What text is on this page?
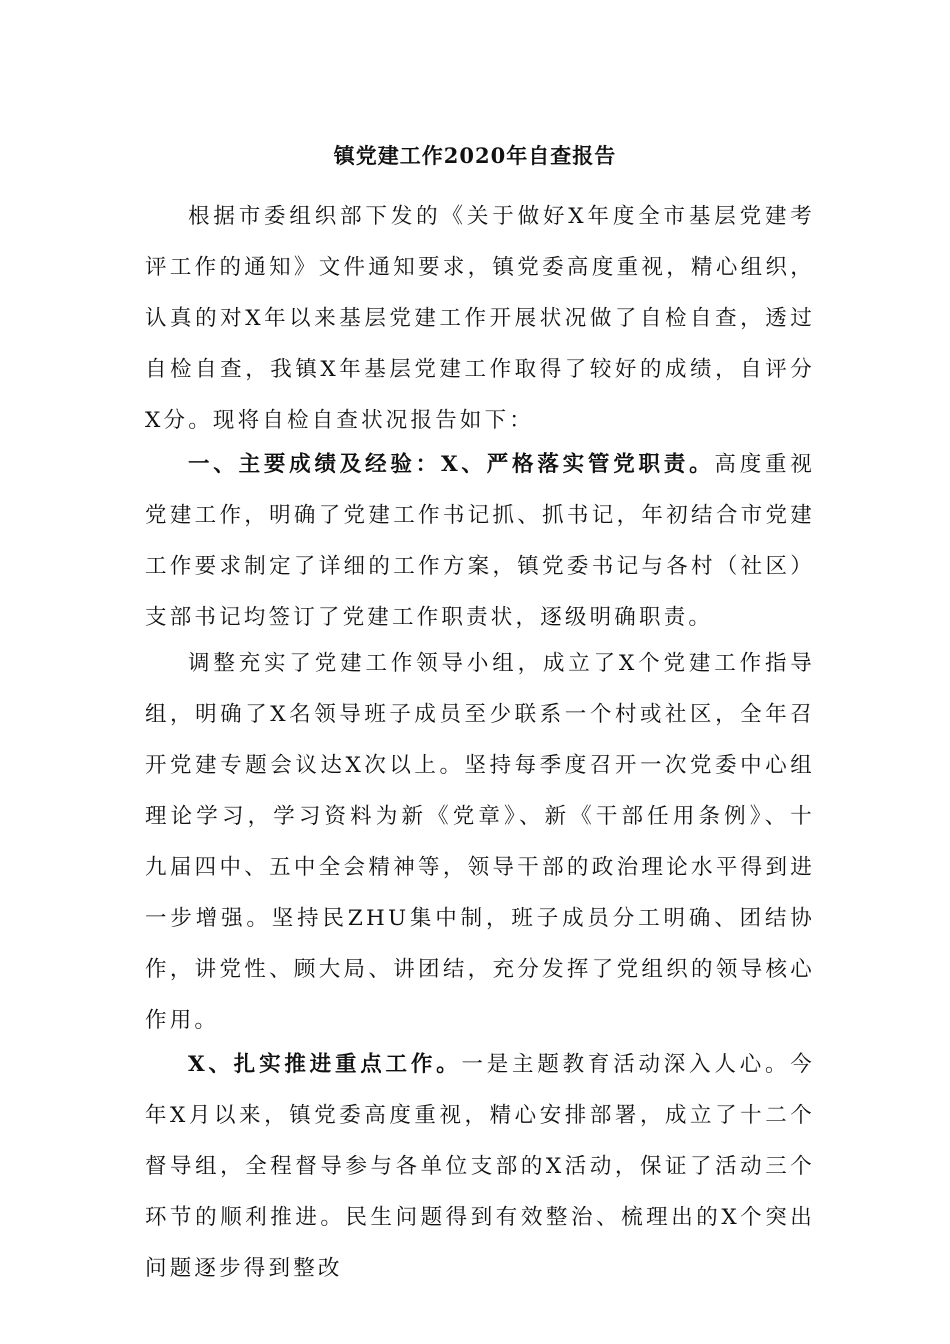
镇党建工作2020年自查报告

根据市委组织部下发的《关于做好X年度全市基层党建考评工作的通知》文件通知要求，镇党委高度重视，精心组织，认真的对X年以来基层党建工作开展状况做了自检自查，透过自检自查，我镇X年基层党建工作取得了较好的成绩，自评分X分。现将自检自查状况报告如下：

一、主要成绩及经验：X、严格落实管党职责。高度重视党建工作，明确了党建工作书记抓、抓书记，年初结合市党建工作要求制定了详细的工作方案，镇党委书记与各村（社区）支部书记均签订了党建工作职责状，逐级明确职责。

调整充实了党建工作领导小组，成立了X个党建工作指导组，明确了X名领导班子成员至少联系一个村或社区，全年召开党建专题会议达X次以上。坚持每季度召开一次党委中心组理论学习，学习资料为新《党章》、新《干部任用条例》、十九届四中、五中全会精神等，领导干部的政治理论水平得到进一步增强。坚持民ZHU集中制，班子成员分工明确、团结协作，讲党性、顾大局、讲团结，充分发挥了党组织的领导核心作用。

X、扎实推进重点工作。一是主题教育活动深入人心。今年X月以来，镇党委高度重视，精心安排部署，成立了十二个督导组，全程督导参与各单位支部的X活动，保证了活动三个环节的顺利推进。民生问题得到有效整治、梳理出的X个突出问题逐步得到整改
